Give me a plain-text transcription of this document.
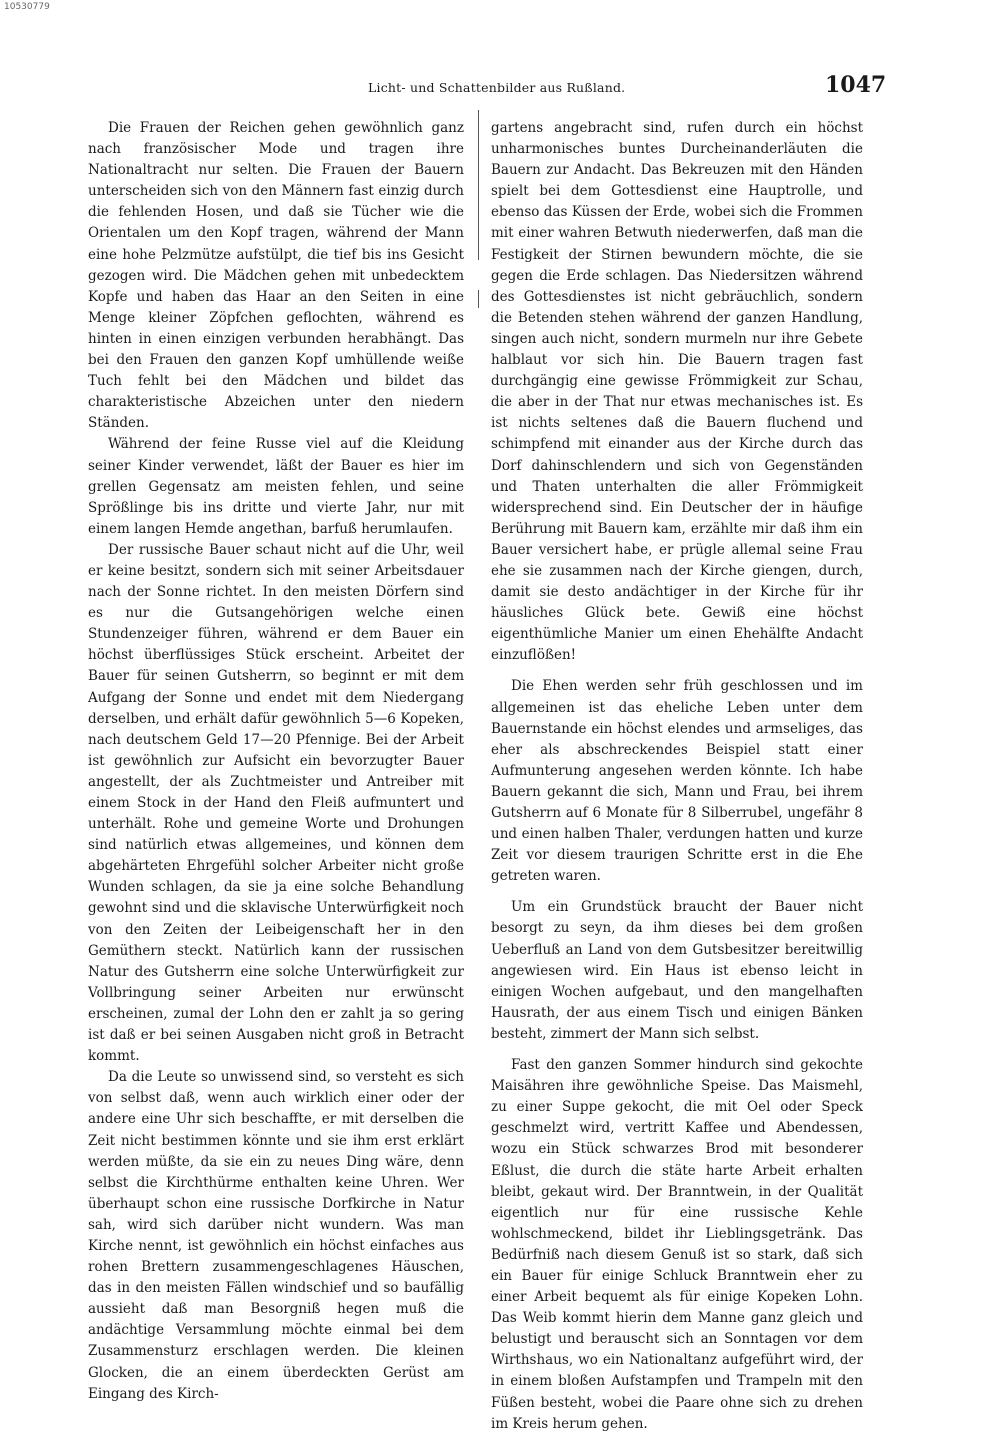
10530779
Licht- und Schattenbilder aus Rußland.	1047

Die Frauen der Reichen gehen gewöhnlich ganz nach französischer Mode und tragen ihre Nationaltracht nur selten. Die Frauen der Bauern unterscheiden sich von den Männern fast einzig durch die fehlenden Hosen, und daß sie Tücher wie die Orientalen um den Kopf tragen, während der Mann eine hohe Pelzmütze aufstülpt, die tief bis ins Gesicht gezogen wird. Die Mädchen gehen mit unbedecktem Kopfe und haben das Haar an den Seiten in eine Menge kleiner Zöpfchen geflochten, während es hinten in einen einzigen verbunden herabhängt. Das bei den Frauen den ganzen Kopf umhüllende weiße Tuch fehlt bei den Mädchen und bildet das charakteristische Abzeichen unter den niedern Ständen.

Während der feine Russe viel auf die Kleidung seiner Kinder verwendet, läßt der Bauer es hier im grellen Gegensatz am meisten fehlen, und seine Sprößlinge bis ins dritte und vierte Jahr, nur mit einem langen Hemde angethan, barfuß herumlaufen.

Der russische Bauer schaut nicht auf die Uhr, weil er keine besitzt, sondern sich mit seiner Arbeitsdauer nach der Sonne richtet. In den meisten Dörfern sind es nur die Gutsangehörigen welche einen Stundenzeiger führen, während er dem Bauer ein höchst überflüssiges Stück erscheint. Arbeitet der Bauer für seinen Gutsherrn, so beginnt er mit dem Aufgang der Sonne und endet mit dem Niedergang derselben, und erhält dafür gewöhnlich 5—6 Kopeken, nach deutschem Geld 17—20 Pfennige. Bei der Arbeit ist gewöhnlich zur Aufsicht ein bevorzugter Bauer angestellt, der als Zuchtmeister und Antreiber mit einem Stock in der Hand den Fleiß aufmuntert und unterhält. Rohe und gemeine Worte und Drohungen sind natürlich etwas allgemeines, und können dem abgehärteten Ehrgefühl solcher Arbeiter nicht große Wunden schlagen, da sie ja eine solche Behandlung gewohnt sind und die sklavische Unterwürfigkeit noch von den Zeiten der Leibeigenschaft her in den Gemüthern steckt. Natürlich kann der russischen Natur des Gutsherrn eine solche Unterwürfigkeit zur Vollbringung seiner Arbeiten nur erwünscht erscheinen, zumal der Lohn den er zahlt ja so gering ist daß er bei seinen Ausgaben nicht groß in Betracht kommt.

Da die Leute so unwissend sind, so versteht es sich von selbst daß, wenn auch wirklich einer oder der andere eine Uhr sich beschaffte, er mit derselben die Zeit nicht bestimmen könnte und sie ihm erst erklärt werden müßte, da sie ein zu neues Ding wäre, denn selbst die Kirchthürme enthalten keine Uhren. Wer überhaupt schon eine russische Dorfkirche in Natur sah, wird sich darüber nicht wundern. Was man Kirche nennt, ist gewöhnlich ein höchst einfaches aus rohen Brettern zusammengeschlagenes Häuschen, das in den meisten Fällen windschief und so baufällig aussieht daß man Besorgniß hegen muß die andächtige Versammlung möchte einmal bei dem Zusammensturz erschlagen werden. Die kleinen Glocken, die an einem überdeckten Gerüst am Eingang des Kirch-

gartens angebracht sind, rufen durch ein höchst unharmonisches buntes Durcheinanderläuten die Bauern zur Andacht. Das Bekreuzen mit den Händen spielt bei dem Gottesdienst eine Hauptrolle, und ebenso das Küssen der Erde, wobei sich die Frommen mit einer wahren Betwuth niederwerfen, daß man die Festigkeit der Stirnen bewundern möchte, die sie gegen die Erde schlagen. Das Niedersitzen während des Gottesdienstes ist nicht gebräuchlich, sondern die Betenden stehen während der ganzen Handlung, singen auch nicht, sondern murmeln nur ihre Gebete halblaut vor sich hin. Die Bauern tragen fast durchgängig eine gewisse Frömmigkeit zur Schau, die aber in der That nur etwas mechanisches ist. Es ist nichts seltenes daß die Bauern fluchend und schimpfend mit einander aus der Kirche durch das Dorf dahinschlendern und sich von Gegenständen und Thaten unterhalten die aller Frömmigkeit widersprechend sind. Ein Deutscher der in häufige Berührung mit Bauern kam, erzählte mir daß ihm ein Bauer versichert habe, er prügle allemal seine Frau ehe sie zusammen nach der Kirche giengen, durch, damit sie desto andächtiger in der Kirche für ihr häusliches Glück bete. Gewiß eine höchst eigenthümliche Manier um einen Ehehälfte Andacht einzuflößen!

Die Ehen werden sehr früh geschlossen und im allgemeinen ist das eheliche Leben unter dem Bauernstande ein höchst elendes und armseliges, das eher als abschreckendes Beispiel statt einer Aufmunterung angesehen werden könnte. Ich habe Bauern gekannt die sich, Mann und Frau, bei ihrem Gutsherrn auf 6 Monate für 8 Silberrubel, ungefähr 8 und einen halben Thaler, verdungen hatten und kurze Zeit vor diesem traurigen Schritte erst in die Ehe getreten waren.

Um ein Grundstück braucht der Bauer nicht besorgt zu seyn, da ihm dieses bei dem großen Ueberfluß an Land von dem Gutsbesitzer bereitwillig angewiesen wird. Ein Haus ist ebenso leicht in einigen Wochen aufgebaut, und den mangelhaften Hausrath, der aus einem Tisch und einigen Bänken besteht, zimmert der Mann sich selbst.

Fast den ganzen Sommer hindurch sind gekochte Maisähren ihre gewöhnliche Speise. Das Maismehl, zu einer Suppe gekocht, die mit Oel oder Speck geschmelzt wird, vertritt Kaffee und Abendessen, wozu ein Stück schwarzes Brod mit besonderer Eßlust, die durch die stäte harte Arbeit erhalten bleibt, gekaut wird. Der Branntwein, in der Qualität eigentlich nur für eine russische Kehle wohlschmeckend, bildet ihr Lieblingsgetränk. Das Bedürfniß nach diesem Genuß ist so stark, daß sich ein Bauer für einige Schluck Branntwein eher zu einer Arbeit bequemt als für einige Kopeken Lohn. Das Weib kommt hierin dem Manne ganz gleich und belustigt und berauscht sich an Sonntagen vor dem Wirthshaus, wo ein Nationaltanz aufgeführt wird, der in einem bloßen Aufstampfen und Trampeln mit den Füßen besteht, wobei die Paare ohne sich zu drehen im Kreis herum gehen.
